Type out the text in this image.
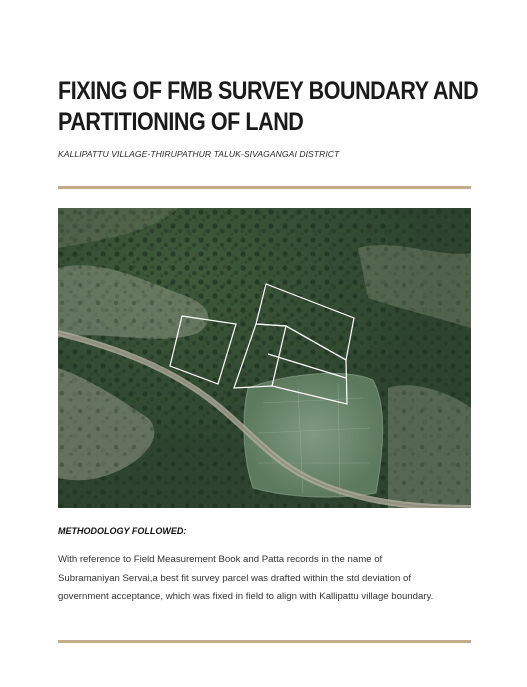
FIXING OF FMB SURVEY BOUNDARY AND
PARTITIONING OF LAND
KALLIPATTU VILLAGE-THIRUPATHUR TALUK-SIVAGANGAI DISTRICT
METHODOLOGY FOLLOWED:
With reference to Field Measurement Book and Patta records in the name of
Subramaniyan Servai,a best fit survey parcel was drafted within the std deviation of
government acceptance, which was fixed in field to align with Kallipattu village boundary.
